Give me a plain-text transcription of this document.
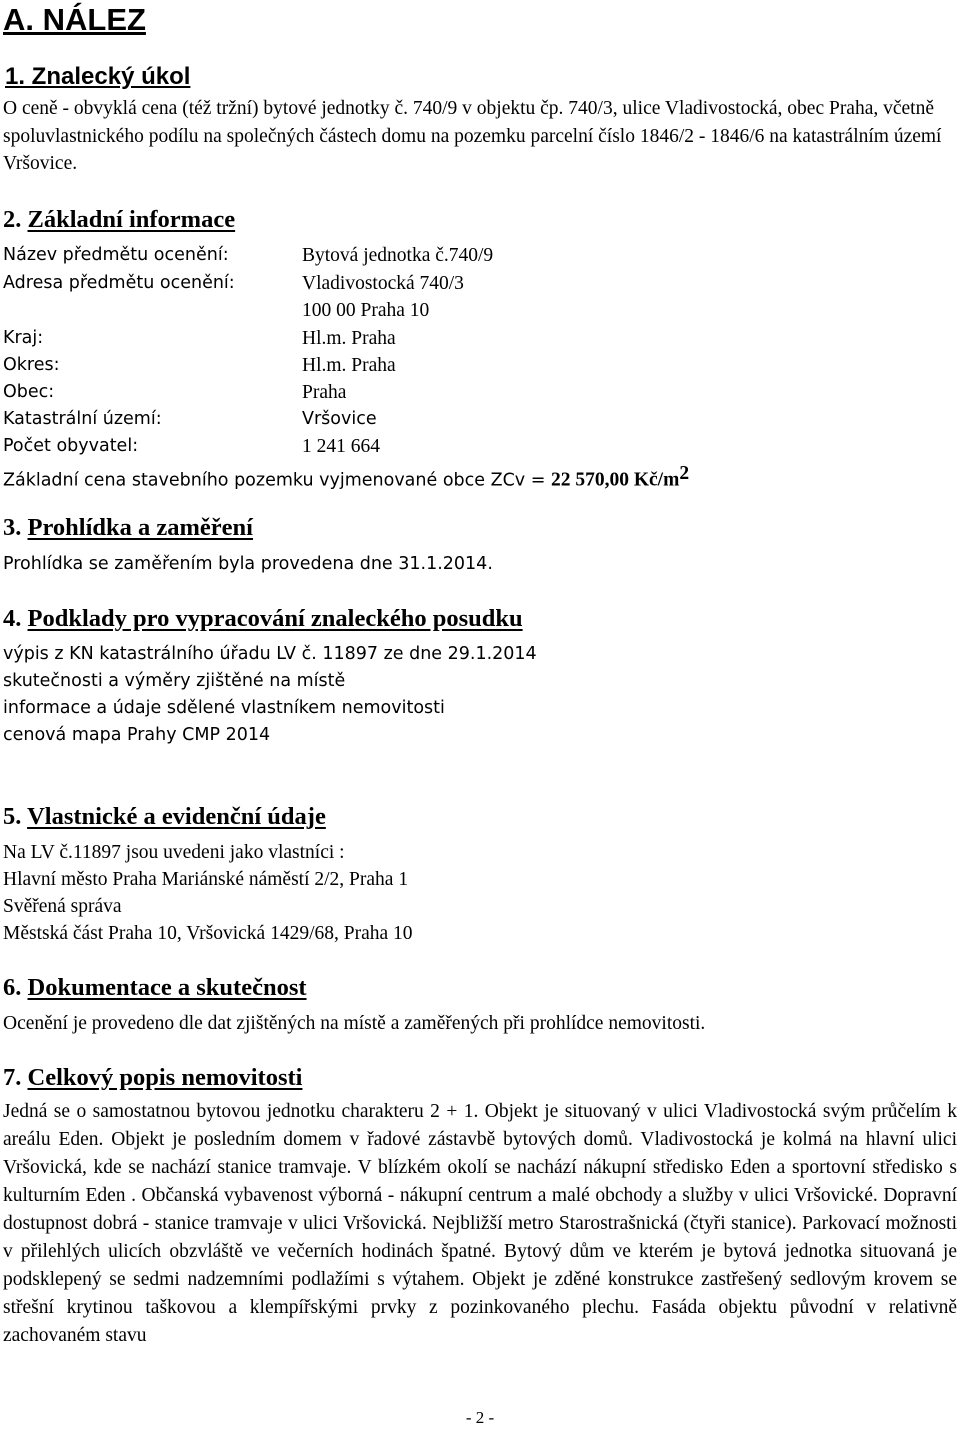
A. NÁLEZ
1. Znalecký úkol

O ceně - obvyklá cena (též tržní) bytové jednotky č. 740/9 v objektu čp. 740/3, ulice Vladivostocká, obec Praha, včetně spoluvlastnického podílu na společných částech domu na pozemku parcelní číslo 1846/2 - 1846/6 na katastrálním území Vršovice.

2. Základní informace
Název předmětu ocenění:	Bytová jednotka č.740/9
Adresa předmětu ocenění:	Vladivostocká 740/3
100 00 Praha 10
Kraj:	Hl.m. Praha
Okres:	Hl.m. Praha
Obec:	Praha
Katastrální území:	Vršovice
Počet obyvatel:	1 241 664
Základní cena stavebního pozemku vyjmenované obce ZCv = 22 570,00 $Kč/m^2$
3. Prohlídka a zaměření

Prohlídka se zaměřením byla provedena dne 31.1.2014.

4. Podklady pro vypracování znaleckého posudku

výpis z KN katastrálního úřadu LV č. 11897 ze dne 29.1.2014

skutečnosti a výměry zjištěné na místě

informace a údaje sdělené vlastníkem nemovitosti

cenová mapa Prahy CMP 2014

5. Vlastnické a evidenční údaje

Na LV č.11897 jsou uvedeni jako vlastníci :

Hlavní město Praha Mariánské náměstí 2/2, Praha 1

Svěřená správa

Městská část Praha 10, Vršovická 1429/68, Praha 10

6. Dokumentace a skutečnost

Ocenění je provedeno dle dat zjištěných na místě a zaměřených při prohlídce nemovitosti.

7. Celkový popis nemovitosti

Jedná se o samostatnou bytovou jednotku charakteru 2 + 1. Objekt je situovaný v ulici Vladivostocká svým průčelím k areálu Eden. Objekt je posledním domem v řadové zástavbě bytových domů. Vladivostocká je kolmá na hlavní ulici Vršovická, kde se nachází stanice tramvaje. V blízkém okolí se nachází nákupní středisko Eden a sportovní středisko s kulturním Eden . Občanská vybavenost výborná - nákupní centrum a malé obchody a služby v ulici Vršovické. Dopravní dostupnost dobrá - stanice tramvaje v ulici Vršovická. Nejbližší metro Starostrašnická (čtyři stanice). Parkovací možnosti v přilehlých ulicích obzvláště ve večerních hodinách špatné. Bytový dům ve kterém je bytová jednotka situovaná je podsklepený se sedmi nadzemními podlažími s výtahem. Objekt je zděné konstrukce zastřešený sedlovým krovem se střešní krytinou taškovou a klempířskými prvky z pozinkovaného plechu. Fasáda objektu původní v relativně zachovaném stavu

- 2 -
